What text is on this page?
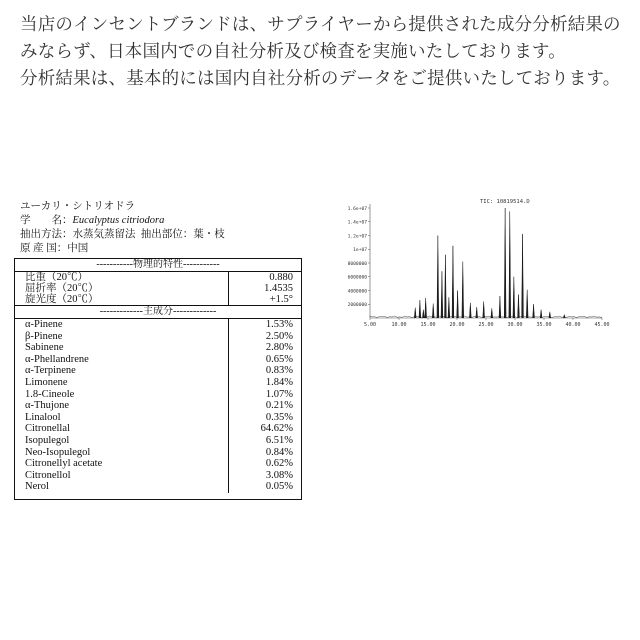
当店のインセントブランドは、サプライヤーから提供された成分分析結果のみならず、日本国内での自社分析及び検査を実施いたしております。

分析結果は、基本的には国内自社分析のデータをご提供いたしております。

ユーカリ・シトリオドラ
学　　名：Eucalyptus citriodora
抽出方法：水蒸気蒸留法 抽出部位：葉・枝
原 産 国：中国
-----------物理的特性-----------
比重（20℃）	0.880
屈折率（20℃）	1.4535
旋光度（20℃）	+1.5°
-------------主成分-------------
α-Pinene	1.53%
β-Pinene	2.50%
Sabinene	2.80%
α-Phellandrene	0.65%
α-Terpinene	0.83%
Limonene	1.84%
1.8-Cineole	1.07%
α-Thujone	0.21%
Linalool	0.35%
Citronellal	64.62%
Isopulegol	6.51%
Neo-Isopulegol	0.84%
Citronellyl acetate	0.62%
Citronellol	3.08%
Nerol	0.05%
TIC: 10819514.D
1.6e+07
1.4e+07
1.2e+07
1e+07
8000000
6000000
4000000
2000000
5.00	10.00	15.00	20.00	25.00	30.00	35.00	40.00	45.00
